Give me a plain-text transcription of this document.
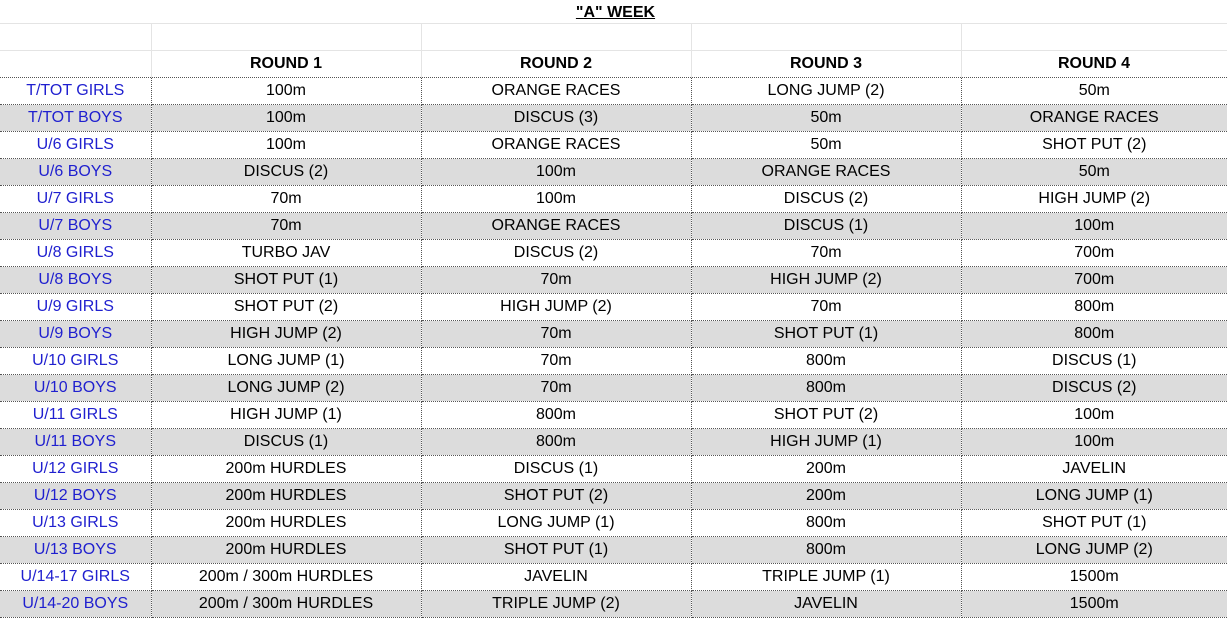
"A" WEEK

	ROUND 1	ROUND 2	ROUND 3	ROUND 4
T/TOT GIRLS	100m	ORANGE RACES	LONG JUMP (2)	50m
T/TOT BOYS	100m	DISCUS (3)	50m	ORANGE RACES
U/6 GIRLS	100m	ORANGE RACES	50m	SHOT PUT (2)
U/6 BOYS	DISCUS (2)	100m	ORANGE RACES	50m
U/7 GIRLS	70m	100m	DISCUS (2)	HIGH JUMP (2)
U/7 BOYS	70m	ORANGE RACES	DISCUS (1)	100m
U/8 GIRLS	TURBO JAV	DISCUS (2)	70m	700m
U/8 BOYS	SHOT PUT (1)	70m	HIGH JUMP (2)	700m
U/9 GIRLS	SHOT PUT (2)	HIGH JUMP (2)	70m	800m
U/9 BOYS	HIGH JUMP (2)	70m	SHOT PUT (1)	800m
U/10 GIRLS	LONG JUMP (1)	70m	800m	DISCUS (1)
U/10 BOYS	LONG JUMP (2)	70m	800m	DISCUS (2)
U/11 GIRLS	HIGH JUMP (1)	800m	SHOT PUT (2)	100m
U/11 BOYS	DISCUS (1)	800m	HIGH JUMP (1)	100m
U/12 GIRLS	200m HURDLES	DISCUS (1)	200m	JAVELIN
U/12 BOYS	200m HURDLES	SHOT PUT (2)	200m	LONG JUMP (1)
U/13 GIRLS	200m HURDLES	LONG JUMP (1)	800m	SHOT PUT (1)
U/13 BOYS	200m HURDLES	SHOT PUT (1)	800m	LONG JUMP (2)
U/14-17 GIRLS	200m / 300m HURDLES	JAVELIN	TRIPLE JUMP (1)	1500m
U/14-20 BOYS	200m / 300m HURDLES	TRIPLE JUMP (2)	JAVELIN	1500m
